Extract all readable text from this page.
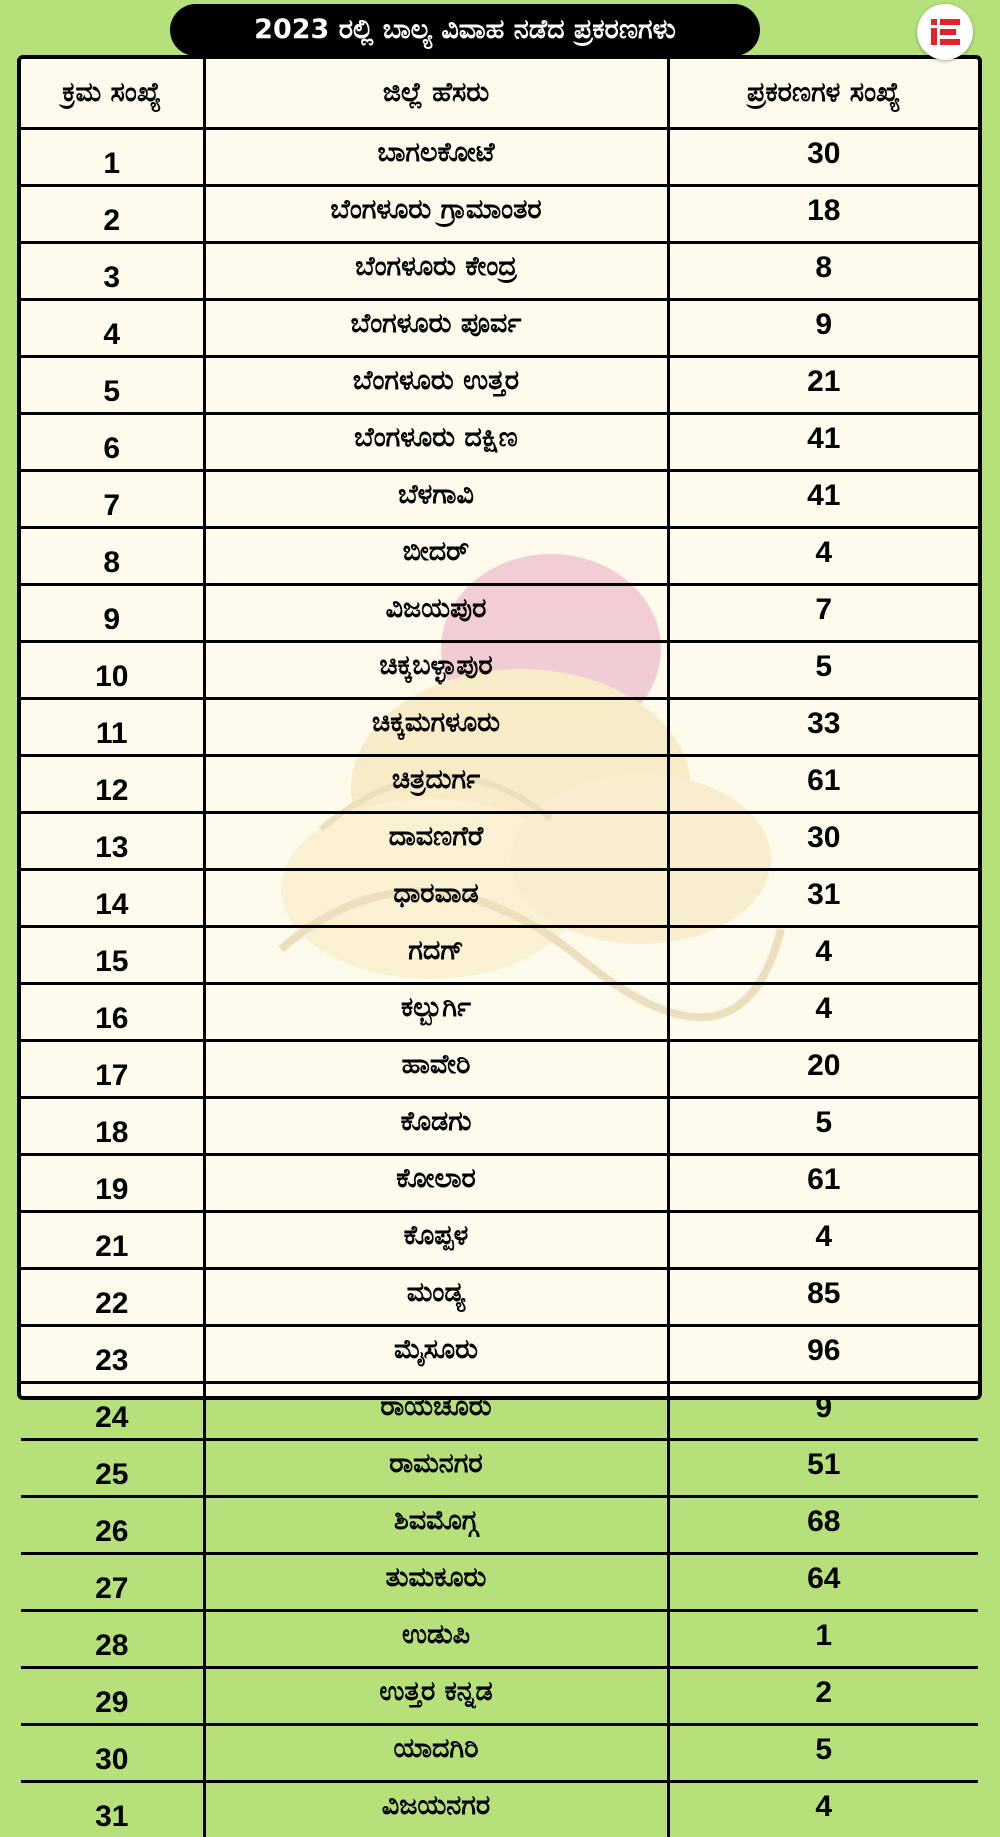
2023 ರಲ್ಲಿ ಬಾಲ್ಯ ವಿವಾಹ ನಡೆದ ಪ್ರಕರಣಗಳು
ಕ್ರಮ ಸಂಖ್ಯೆ	ಜಿಲ್ಲೆ ಹೆಸರು	ಪ್ರಕರಣಗಳ ಸಂಖ್ಯೆ
1	ಬಾಗಲಕೋಟೆ	30
2	ಬೆಂಗಳೂರು ಗ್ರಾಮಾಂತರ	18
3	ಬೆಂಗಳೂರು ಕೇಂದ್ರ	8
4	ಬೆಂಗಳೂರು ಪೂರ್ವ	9
5	ಬೆಂಗಳೂರು ಉತ್ತರ	21
6	ಬೆಂಗಳೂರು ದಕ್ಷಿಣ	41
7	ಬೆಳಗಾವಿ	41
8	ಬೀದರ್	4
9	ವಿಜಯಪುರ	7
10	ಚಿಕ್ಕಬಳ್ಳಾಪುರ	5
11	ಚಿಕ್ಕಮಗಳೂರು	33
12	ಚಿತ್ರದುರ್ಗ	61
13	ದಾವಣಗೆರೆ	30
14	ಧಾರವಾಡ	31
15	ಗದಗ್	4
16	ಕಲ್ಬುರ್ಗಿ	4
17	ಹಾವೇರಿ	20
18	ಕೊಡಗು	5
19	ಕೋಲಾರ	61
21	ಕೊಪ್ಪಳ	4
22	ಮಂಡ್ಯ	85
23	ಮೈಸೂರು	96
24	ರಾಯಚೂರು	9
25	ರಾಮನಗರ	51
26	ಶಿವಮೊಗ್ಗ	68
27	ತುಮಕೂರು	64
28	ಉಡುಪಿ	1
29	ಉತ್ತರ ಕನ್ನಡ	2
30	ಯಾದಗಿರಿ	5
31	ವಿಜಯನಗರ	4
